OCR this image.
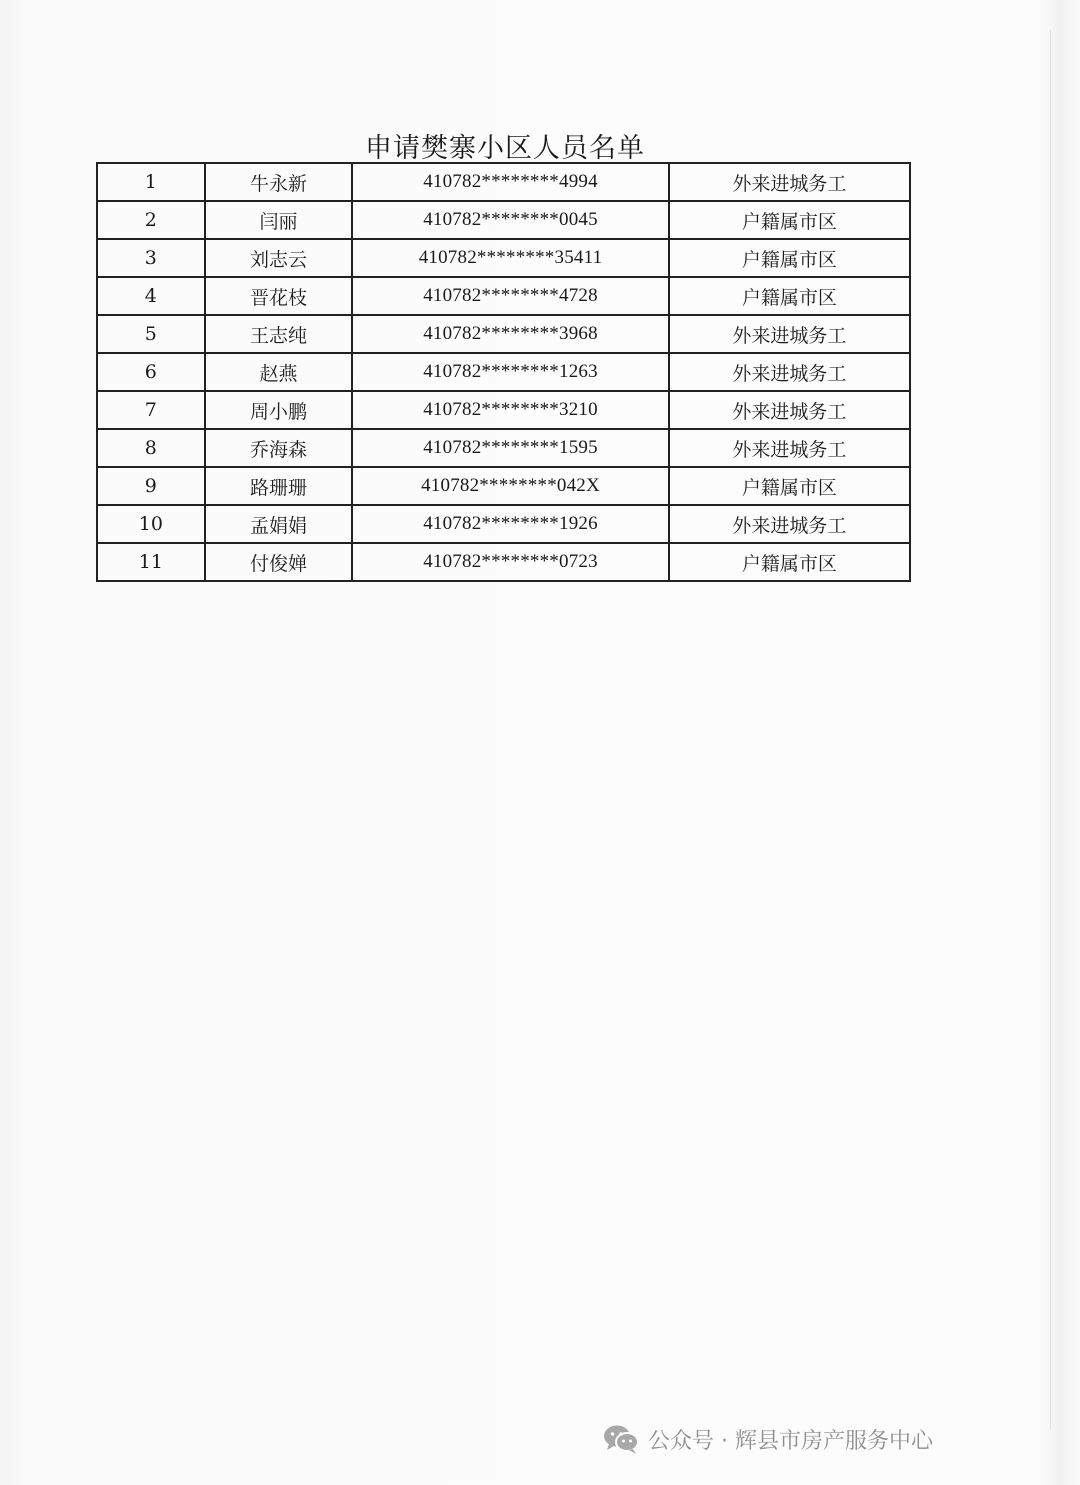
申请樊寨小区人员名单
1	牛永新	410782********4994	外来进城务工
2	闫丽	410782********0045	户籍属市区
3	刘志云	410782********35411	户籍属市区
4	晋花枝	410782********4728	户籍属市区
5	王志纯	410782********3968	外来进城务工
6	赵燕	410782********1263	外来进城务工
7	周小鹏	410782********3210	外来进城务工
8	乔海森	410782********1595	外来进城务工
9	路珊珊	410782********042X	户籍属市区
10	孟娟娟	410782********1926	外来进城务工
11	付俊婵	410782********0723	户籍属市区
公众号 · 辉县市房产服务中心
